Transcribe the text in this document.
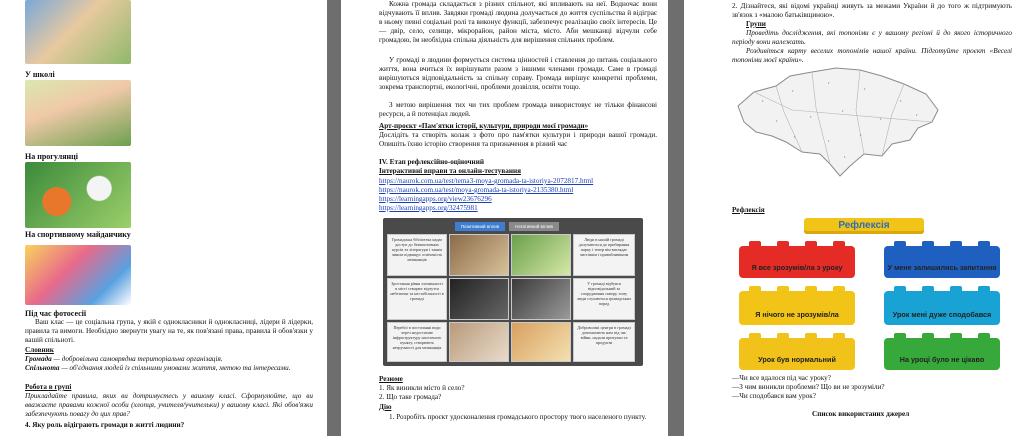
У школі
На прогулянці
На спортивному майданчику
Під час фотосесії
Ваш клас — це соціальна група, у якій є однокласники й однокласниці, лідери й лідерки, правила та вимоги. Необхідно звернути увагу на те, як пов'язані права, правила й обов'язки у вашій спільноті.
Словник
Громада — добровільна самоврядна територіальна організація.
Спільнота — об'єднання людей із спільними умовами життя, метою та інтересами.
Робота в групі
Прикладайте правила, яких ви дотримуєтесь у вашому класі. Сформулюйте, що ви вважаєте правами кожної особи (хлопця, учителя/учительки) у вашому класі. Які обов'язки забезпечують повагу до цих прав?
4. Яку роль відіграють громади в житті людини?
Кожна громада складається з різних спільнот, які впливають на неї. Водночас вони відчувають її вплив. Завдяки громаді людина долучається до життя суспільства й відіграє в ньому певні соціальні ролі та виконує функції, забезпечує реалізацію своїх інтересів. Це — двір, село, селище, мікрорайон, район міста, місто. Аби мешканці відчули себе громадою, їм необхідна спільна діяльність для вирішення спільних проблем.
У громаді в людини формується система цінностей і ставлення до питань соціального життя, вона вчиться їх вирішувати разом з іншими членами громади. Саме в громаді вирішуються відповідальність за спільну справу. Громада вирішує конкретні проблеми, зокрема транспортні, екологічні, проблеми дозвілля, освіти тощо.
З метою вирішення тих чи тих проблем громада використовує не тільки фінансові ресурси, а й потенціал людей.
Арт-проєкт «Пам'ятки історії, культури, природи моєї громади»
Дослідіть та створіть колаж з фото про пам'ятки культури і природи вашої громади. Опишіть їхню історію створення та призначення в різний час
IV. Етап рефлексійно-оціночний
Інтерактивні вправи та онлайн-тестування
https://naurok.com.ua/test/tema3-moya-gromada-ta-istoriya-2072817.html
https://naurok.com.ua/test/moya-gromada-ta-istoriya-2135380.html
https://learningapps.org/view23676296
https://learningapps.org/32475981
Позитивний вплив	Негативний вплив
Громадська бібліотека надає доступ до безкоштовних курсів та літератури і таким чином підвищує освіченість мешканців
Люди в нашій громаді долучаються до прибирання парку і тепер він виглядає чистішим і привабливішим
Зростання рівня злочинності в місті створює відчуття небезпеки та нестабільності в громаді
У громаді відбувся відповідальний за спорудження скверу, тому люди слухаються громадських порад
Перебої в постачанні води через недостатню інфраструктуру населеного пункту, створюють незручності для мешканців
Добровольчі центри в громаді допомагають нам під час війни, надали притулки та продукти
Резюме
1. Як виникли місто й село?
2. Що таке громада?
Дію
1. Розробіть проєкт удосконалення громадського простору твого населеного пункту.
2. Дізнайтеся, які відомі українці живуть за межами України й до того ж підтримують зв'язок з «малою батьківщиною».
Групи
Проведіть дослідження, які топоніми є у вашому регіоні й до якого історичного періоду вони належать.
Роздивіться карту веселих топонімів нашої країни. Підготуйте проєкт «Веселі топоніми моєї країни».
•
•
•
•
•
•
•
•
•
•
•
•
•
•
Рефлексія
Рефлексія
Я все зрозумів/ла з уроку	У мене залишились запитання
Я нічого не зрозумів/ла	Урок мені дуже сподобався
Урок був нормальний	На уроці було не цікаво
—Чи все вдалося під час уроку?
—З чим виникли проблеми? Що ви не зрозуміли?
—Чи сподобався вам урок?
Список використаних джерел
